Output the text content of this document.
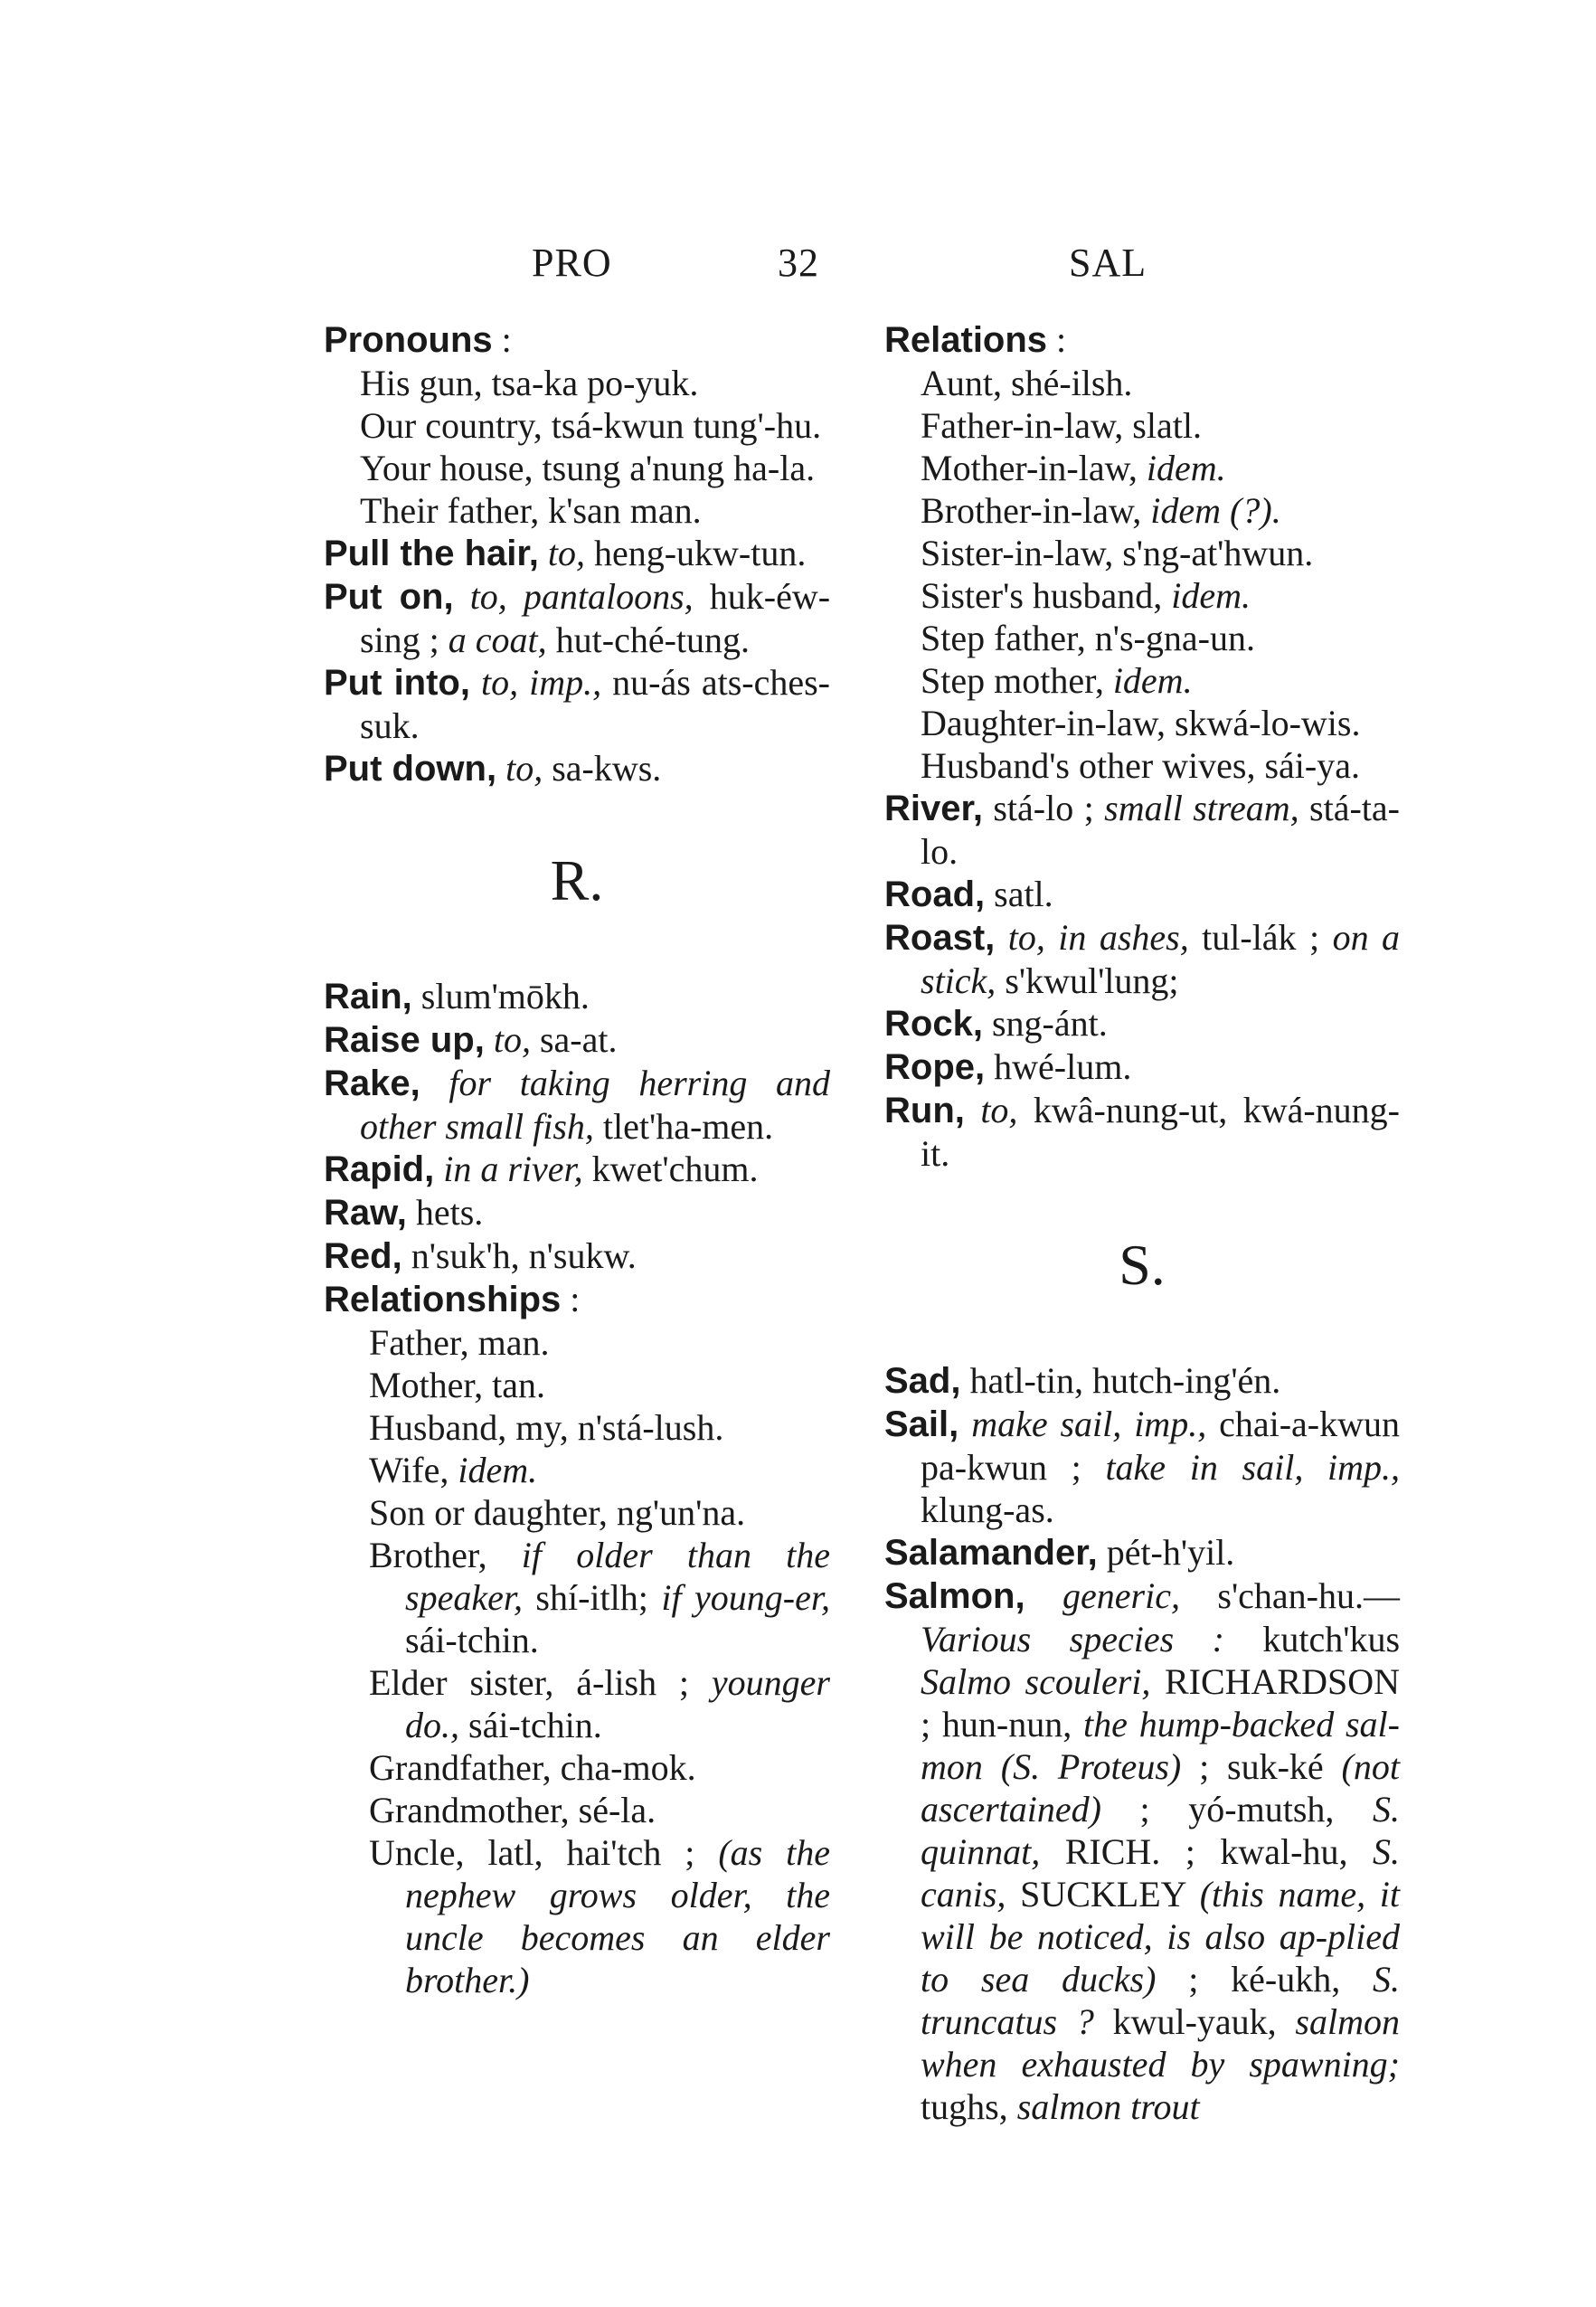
PRO	32	SAL

Pronouns :

His gun, tsa-ka po-yuk.

Our country, tsá-kwun tung'-hu.

Your house, tsung a'nung ha-la.

Their father, k'san man.

Pull the hair, to, heng-ukw-tun.

Put on, to, pantaloons, huk-éw-sing ; a coat, hut-ché-tung.

Put into, to, imp., nu-ás ats-ches-suk.

Put down, to, sa-kws.

R.

Rain, slum'mōkh.

Raise up, to, sa-at.

Rake, for taking herring and other small fish, tlet'ha-men.

Rapid, in a river, kwet'chum.

Raw, hets.

Red, n'suk'h, n'sukw.

Relationships :

Father, man.

Mother, tan.

Husband, my, n'stá-lush.

Wife, idem.

Son or daughter, ng'un'na.

Brother, if older than the speaker, shí-itlh; if young-er, sái-tchin.

Elder sister, á-lish ; younger do., sái-tchin.

Grandfather, cha-mok.

Grandmother, sé-la.

Uncle, latl, hai'tch ; (as the nephew grows older, the uncle becomes an elder brother.)

Relations :

Aunt, shé-ilsh.

Father-in-law, slatl.

Mother-in-law, idem.

Brother-in-law, idem (?).

Sister-in-law, s'ng-at'hwun.

Sister's husband, idem.

Step father, n's-gna-un.

Step mother, idem.

Daughter-in-law, skwá-lo-wis.

Husband's other wives, sái-ya.

River, stá-lo ; small stream, stá-ta-lo.

Road, satl.

Roast, to, in ashes, tul-lák ; on a stick, s'kwul'lung;

Rock, sng-ánt.

Rope, hwé-lum.

Run, to, kwâ-nung-ut, kwá-nung-it.

S.

Sad, hatl-tin, hutch-ing'én.

Sail, make sail, imp., chai-a-kwun pa-kwun ; take in sail, imp., klung-as.

Salamander, pét-h'yil.

Salmon, generic, s'chan-hu.—Various species : kutch'kus Salmo scouleri, RICHARDSON ; hun-nun, the hump-backed sal-mon (S. Proteus) ; suk-ké (not ascertained) ; yó-mutsh, S. quinnat, RICH. ; kwal-hu, S. canis, SUCKLEY (this name, it will be noticed, is also ap-plied to sea ducks) ; ké-ukh, S. truncatus ? kwul-yauk, salmon when exhausted by spawning; tughs, salmon trout
